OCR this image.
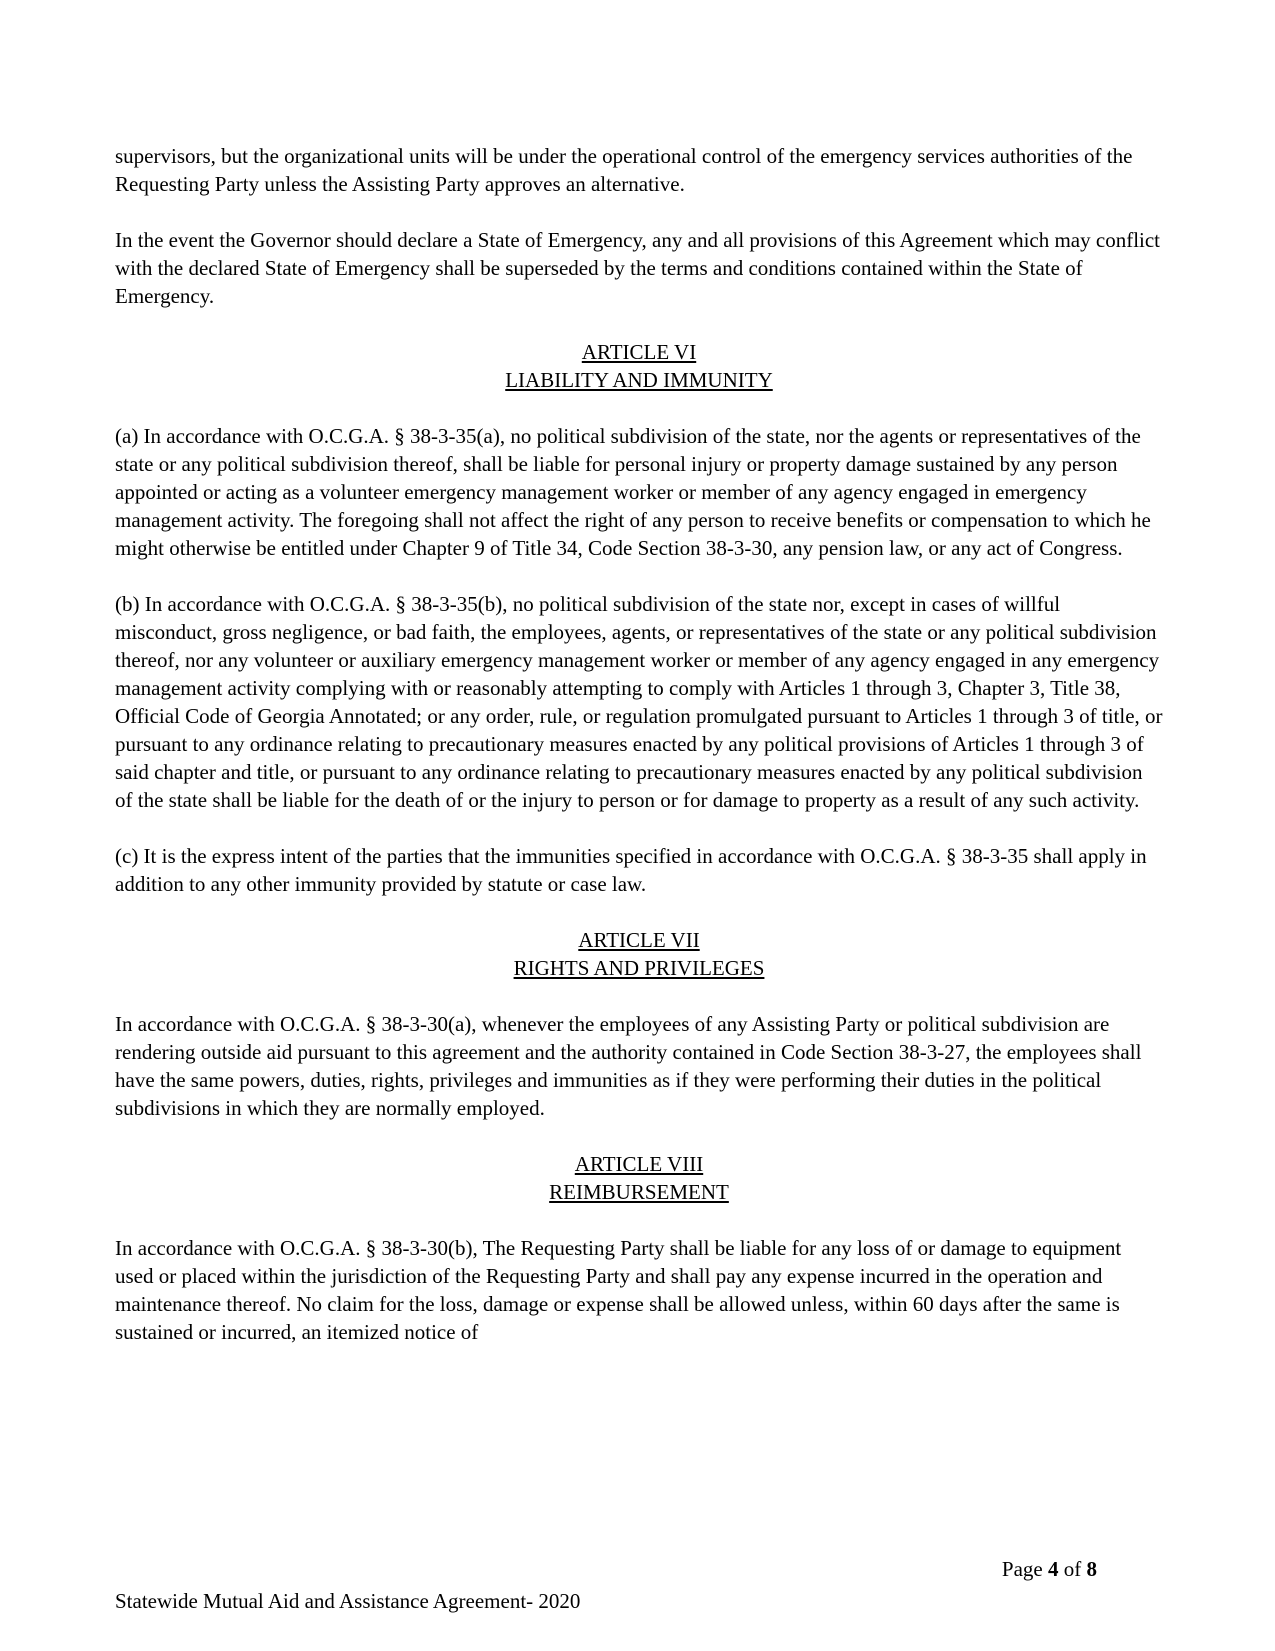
supervisors, but the organizational units will be under the operational control of the emergency services authorities of the Requesting Party unless the Assisting Party approves an alternative.

In the event the Governor should declare a State of Emergency, any and all provisions of this Agreement which may conflict with the declared State of Emergency shall be superseded by the terms and conditions contained within the State of Emergency.

ARTICLE VI
LIABILITY AND IMMUNITY

(a) In accordance with O.C.G.A. § 38-3-35(a), no political subdivision of the state, nor the agents or representatives of the state or any political subdivision thereof, shall be liable for personal injury or property damage sustained by any person appointed or acting as a volunteer emergency management worker or member of any agency engaged in emergency management activity. The foregoing shall not affect the right of any person to receive benefits or compensation to which he might otherwise be entitled under Chapter 9 of Title 34, Code Section 38-3-30, any pension law, or any act of Congress.

(b) In accordance with O.C.G.A. § 38-3-35(b), no political subdivision of the state nor, except in cases of willful misconduct, gross negligence, or bad faith, the employees, agents, or representatives of the state or any political subdivision thereof, nor any volunteer or auxiliary emergency management worker or member of any agency engaged in any emergency management activity complying with or reasonably attempting to comply with Articles 1 through 3, Chapter 3, Title 38, Official Code of Georgia Annotated; or any order, rule, or regulation promulgated pursuant to Articles 1 through 3 of title, or pursuant to any ordinance relating to precautionary measures enacted by any political provisions of Articles 1 through 3 of said chapter and title, or pursuant to any ordinance relating to precautionary measures enacted by any political subdivision of the state shall be liable for the death of or the injury to person or for damage to property as a result of any such activity.

(c) It is the express intent of the parties that the immunities specified in accordance with O.C.G.A. § 38-3-35 shall apply in addition to any other immunity provided by statute or case law.

ARTICLE VII
RIGHTS AND PRIVILEGES

In accordance with O.C.G.A. § 38-3-30(a), whenever the employees of any Assisting Party or political subdivision are rendering outside aid pursuant to this agreement and the authority contained in Code Section 38-3-27, the employees shall have the same powers, duties, rights, privileges and immunities as if they were performing their duties in the political subdivisions in which they are normally employed.

ARTICLE VIII
REIMBURSEMENT

In accordance with O.C.G.A. § 38-3-30(b), The Requesting Party shall be liable for any loss of or damage to equipment used or placed within the jurisdiction of the Requesting Party and shall pay any expense incurred in the operation and maintenance thereof. No claim for the loss, damage or expense shall be allowed unless, within 60 days after the same is sustained or incurred, an itemized notice of

Page 4 of 8
Statewide Mutual Aid and Assistance Agreement- 2020
